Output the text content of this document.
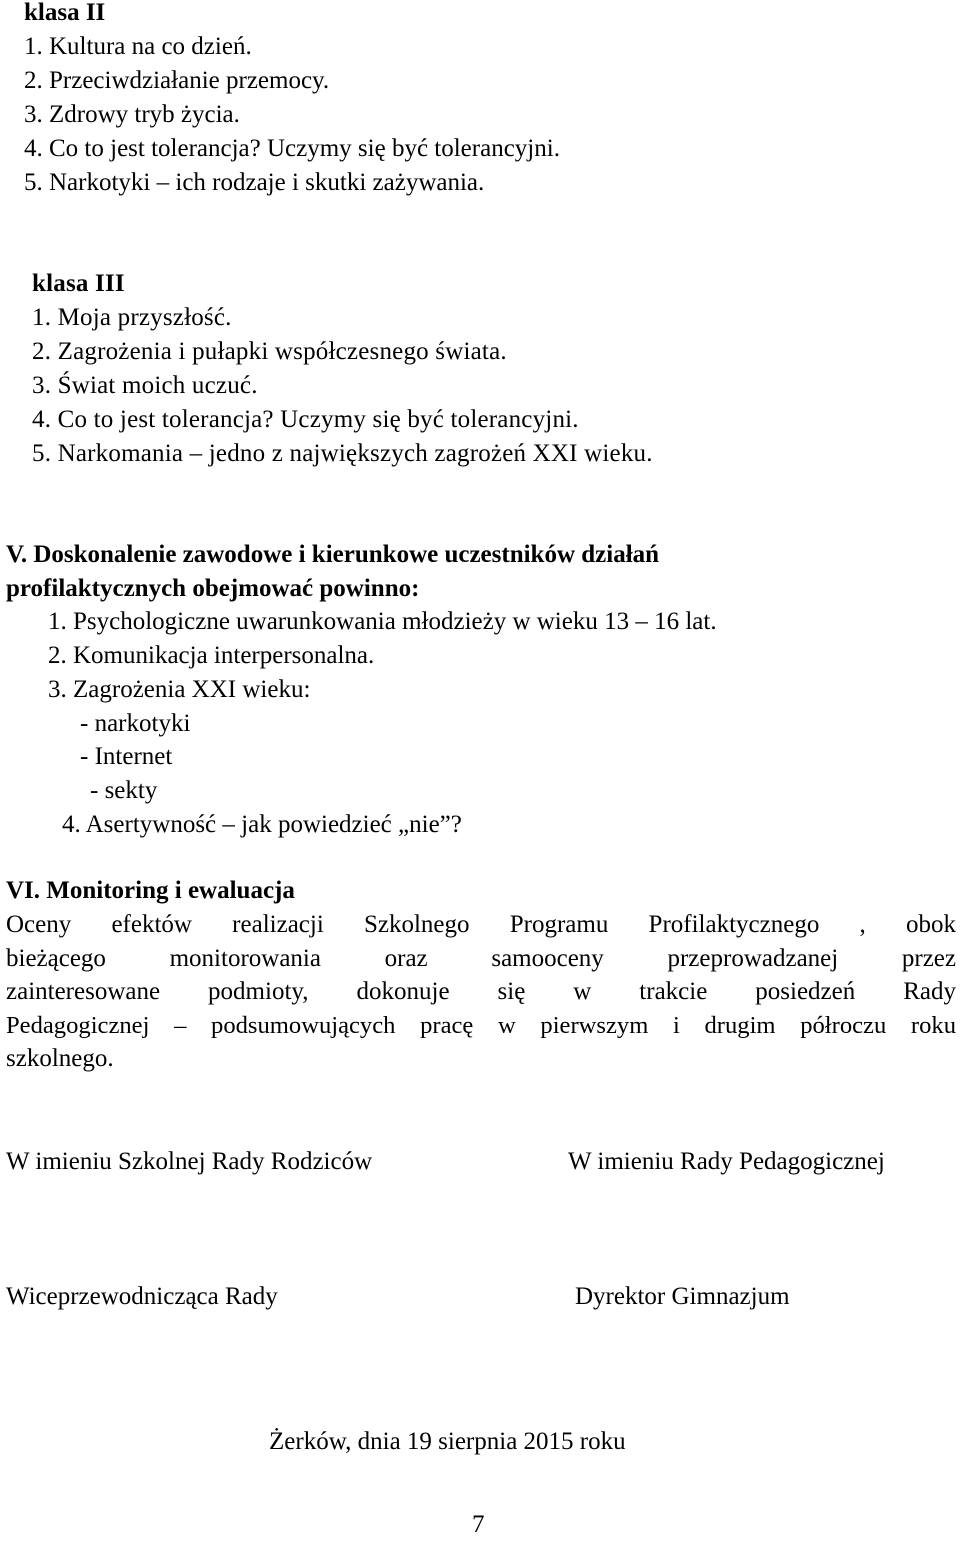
klasa II
1. Kultura na co dzień.
2. Przeciwdziałanie przemocy.
3. Zdrowy tryb życia.
4. Co to jest tolerancja? Uczymy się być tolerancyjni.
5. Narkotyki – ich rodzaje i skutki zażywania.
klasa III
1. Moja przyszłość.
2. Zagrożenia i pułapki współczesnego świata.
3. Świat moich uczuć.
4. Co to jest tolerancja? Uczymy się być tolerancyjni.
5. Narkomania – jedno z największych zagrożeń XXI wieku.
V. Doskonalenie zawodowe i kierunkowe uczestników działań
profilaktycznych obejmować powinno:
1. Psychologiczne uwarunkowania młodzieży w wieku 13 – 16 lat.
2. Komunikacja interpersonalna.
3. Zagrożenia XXI wieku:
- narkotyki
- Internet
- sekty
4. Asertywność – jak powiedzieć „nie”?
VI. Monitoring i ewaluacja
Oceny efektów realizacji Szkolnego Programu Profilaktycznego , obok
bieżącego monitorowania oraz samooceny przeprowadzanej przez
zainteresowane podmioty, dokonuje się w trakcie posiedzeń Rady
Pedagogicznej – podsumowujących pracę w pierwszym i drugim półroczu roku
szkolnego.
W imieniu Szkolnej Rady Rodziców	W imieniu Rady Pedagogicznej
Wiceprzewodnicząca Rady	Dyrektor Gimnazjum
Żerków, dnia 19 sierpnia 2015 roku
7
